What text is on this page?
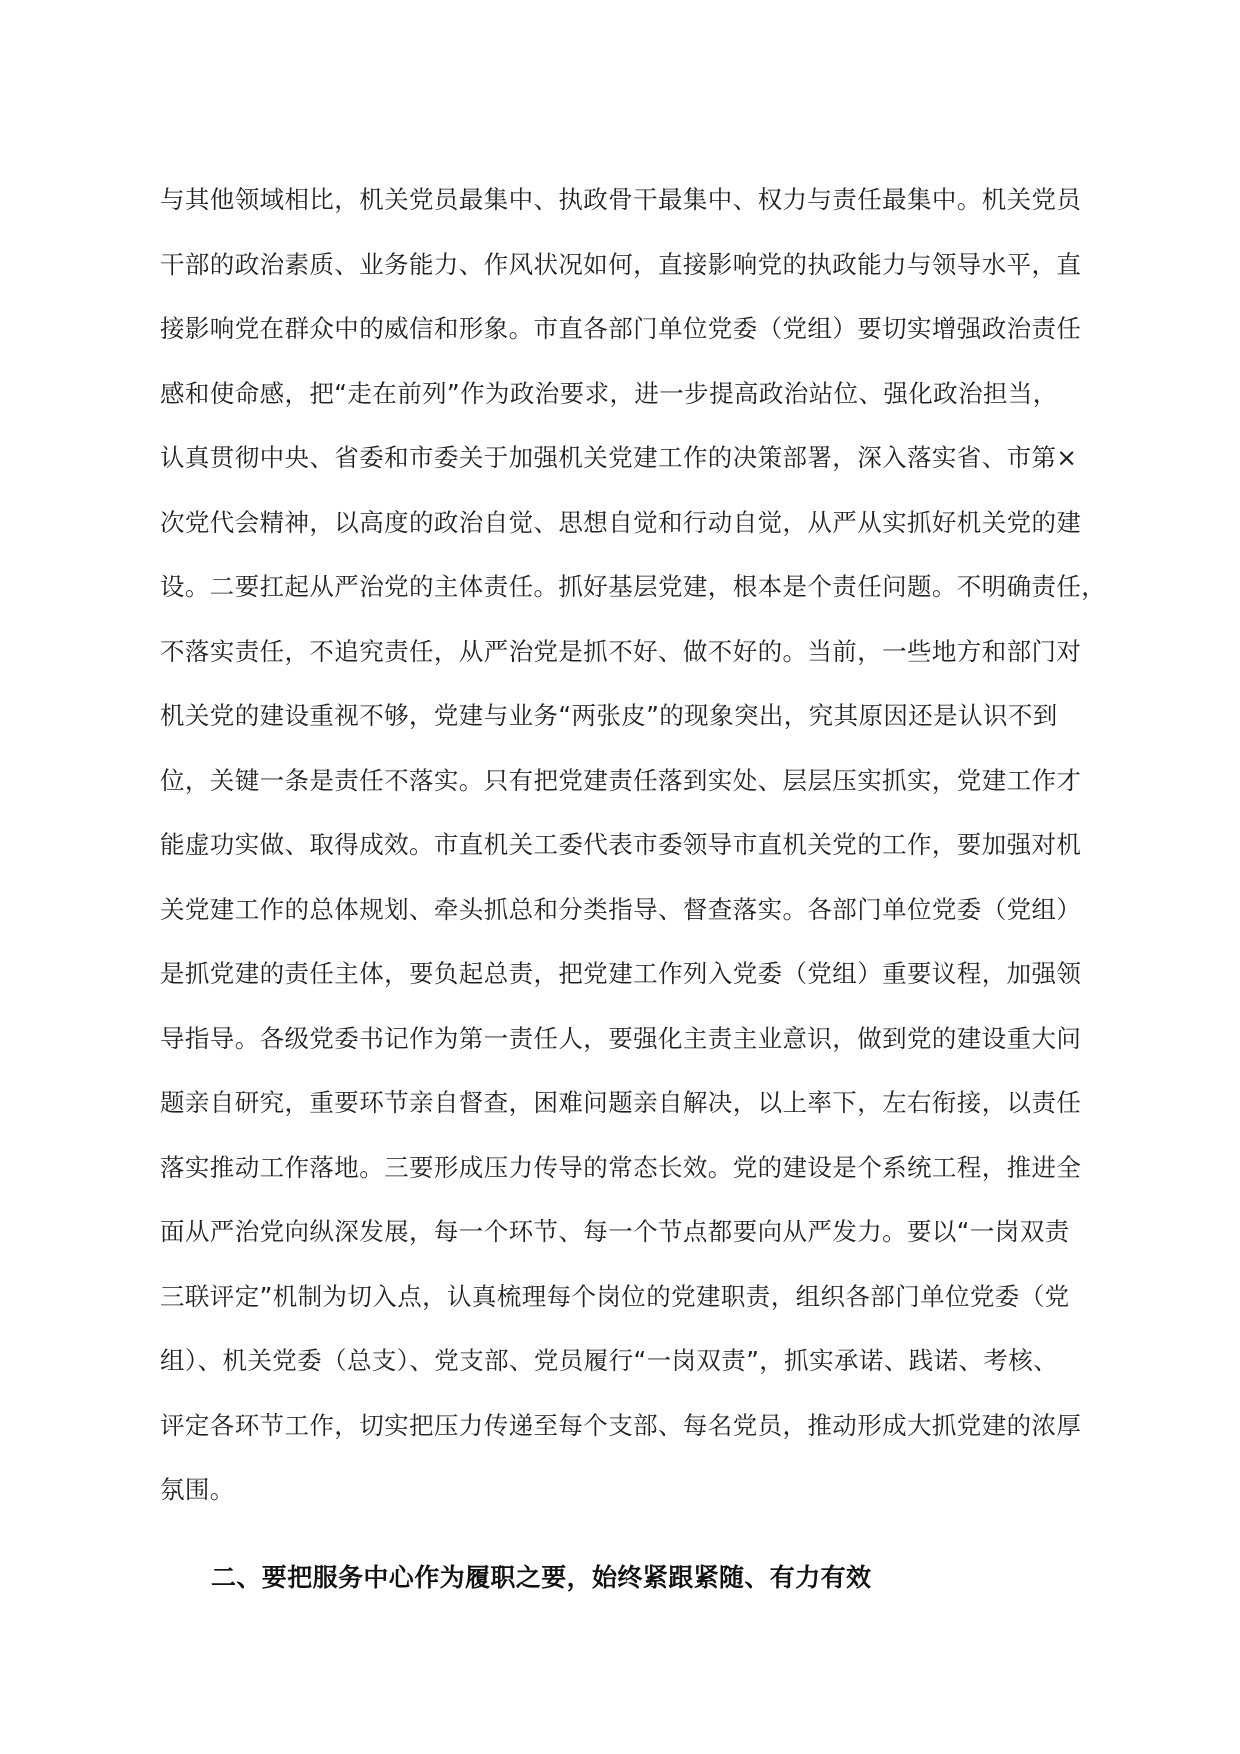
与其他领域相比，机关党员最集中、执政骨干最集中、权力与责任最集中。机关党员
干部的政治素质、业务能力、作风状况如何，直接影响党的执政能力与领导水平，直
接影响党在群众中的威信和形象。市直各部门单位党委（党组）要切实增强政治责任
感和使命感，把“走在前列”作为政治要求，进一步提高政治站位、强化政治担当，
认真贯彻中央、省委和市委关于加强机关党建工作的决策部署，深入落实省、市第×
次党代会精神，以高度的政治自觉、思想自觉和行动自觉，从严从实抓好机关党的建
设。二要扛起从严治党的主体责任。抓好基层党建，根本是个责任问题。不明确责任，
不落实责任，不追究责任，从严治党是抓不好、做不好的。当前，一些地方和部门对
机关党的建设重视不够，党建与业务“两张皮”的现象突出，究其原因还是认识不到
位，关键一条是责任不落实。只有把党建责任落到实处、层层压实抓实，党建工作才
能虚功实做、取得成效。市直机关工委代表市委领导市直机关党的工作，要加强对机
关党建工作的总体规划、牵头抓总和分类指导、督查落实。各部门单位党委（党组）
是抓党建的责任主体，要负起总责，把党建工作列入党委（党组）重要议程，加强领
导指导。各级党委书记作为第一责任人，要强化主责主业意识，做到党的建设重大问
题亲自研究，重要环节亲自督查，困难问题亲自解决，以上率下，左右衔接，以责任
落实推动工作落地。三要形成压力传导的常态长效。党的建设是个系统工程，推进全
面从严治党向纵深发展，每一个环节、每一个节点都要向从严发力。要以“一岗双责
三联评定”机制为切入点，认真梳理每个岗位的党建职责，组织各部门单位党委（党
组）、机关党委（总支）、党支部、党员履行“一岗双责”，抓实承诺、践诺、考核、
评定各环节工作，切实把压力传递至每个支部、每名党员，推动形成大抓党建的浓厚
氛围。
二、要把服务中心作为履职之要，始终紧跟紧随、有力有效
